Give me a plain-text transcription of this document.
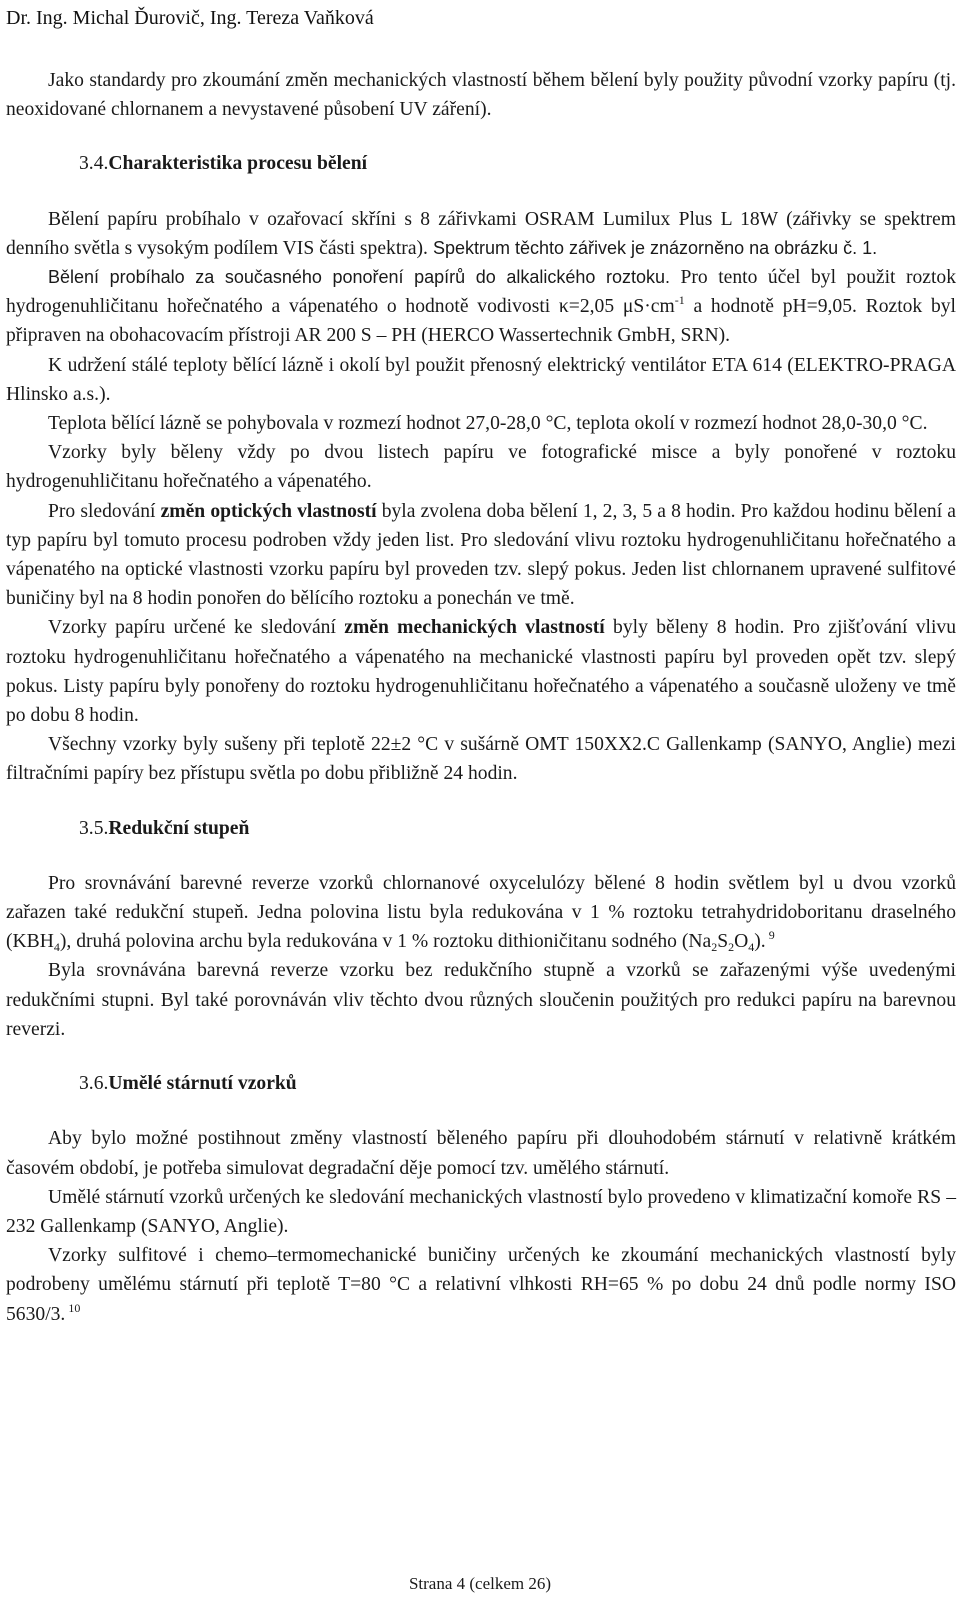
Dr. Ing. Michal Ďurovič, Ing. Tereza Vaňková

Jako standardy pro zkoumání změn mechanických vlastností během bělení byly použity původní vzorky papíru (tj. neoxidované chlornanem a nevystavené působení UV záření).

3.4.Charakteristika procesu bělení

Bělení papíru probíhalo v ozařovací skříni s 8 zářivkami OSRAM Lumilux Plus L 18W (zářivky se spektrem denního světla s vysokým podílem VIS části spektra). Spektrum těchto zářivek je znázorněno na obrázku č. 1.

Bělení probíhalo za současného ponoření papírů do alkalického roztoku. Pro tento účel byl použit roztok hydrogenuhličitanu hořečnatého a vápenatého o hodnotě vodivosti κ=2,05 $\mu S\cdot cm^{-1}$ a hodnotě pH=9,05. Roztok byl připraven na obohacovacím přístroji AR 200 S – PH (HERCO Wassertechnik GmbH, SRN).

K udržení stálé teploty bělící lázně i okolí byl použit přenosný elektrický ventilátor ETA 614 (ELEKTRO-PRAGA Hlinsko a.s.).

Teplota bělící lázně se pohybovala v rozmezí hodnot 27,0-28,0 °C, teplota okolí v rozmezí hodnot 28,0-30,0 °C.

Vzorky byly běleny vždy po dvou listech papíru ve fotografické misce a byly ponořené v roztoku hydrogenuhličitanu hořečnatého a vápenatého.

Pro sledování změn optických vlastností byla zvolena doba bělení 1, 2, 3, 5 a 8 hodin. Pro každou hodinu bělení a typ papíru byl tomuto procesu podroben vždy jeden list. Pro sledování vlivu roztoku hydrogenuhličitanu hořečnatého a vápenatého na optické vlastnosti vzorku papíru byl proveden tzv. slepý pokus. Jeden list chlornanem upravené sulfitové buničiny byl na 8 hodin ponořen do bělícího roztoku a ponechán ve tmě.

Vzorky papíru určené ke sledování změn mechanických vlastností byly běleny 8 hodin. Pro zjišťování vlivu roztoku hydrogenuhličitanu hořečnatého a vápenatého na mechanické vlastnosti papíru byl proveden opět tzv. slepý pokus. Listy papíru byly ponořeny do roztoku hydrogenuhličitanu hořečnatého a vápenatého a současně uloženy ve tmě po dobu 8 hodin.

Všechny vzorky byly sušeny při teplotě 22±2 °C v sušárně OMT 150XX2.C Gallenkamp (SANYO, Anglie) mezi filtračními papíry bez přístupu světla po dobu přibližně 24 hodin.

3.5.Redukční stupeň

Pro srovnávání barevné reverze vzorků chlornanové oxycelulózy bělené 8 hodin světlem byl u dvou vzorků zařazen také redukční stupeň. Jedna polovina listu byla redukována v 1 % roztoku tetrahydridoboritanu draselného $(KBH_4)$, druhá polovina archu byla redukována v 1 % roztoku dithioničitanu sodného $(Na_2S_2O_4)$. $^9$

Byla srovnávána barevná reverze vzorku bez redukčního stupně a vzorků se zařazenými výše uvedenými redukčními stupni. Byl také porovnáván vliv těchto dvou různých sloučenin použitých pro redukci papíru na barevnou reverzi.

3.6.Umělé stárnutí vzorků

Aby bylo možné postihnout změny vlastností běleného papíru při dlouhodobém stárnutí v relativně krátkém časovém období, je potřeba simulovat degradační děje pomocí tzv. umělého stárnutí.

Umělé stárnutí vzorků určených ke sledování mechanických vlastností bylo provedeno v klimatizační komoře RS – 232 Gallenkamp (SANYO, Anglie).

Vzorky sulfitové i chemo–termomechanické buničiny určených ke zkoumání mechanických vlastností byly podrobeny umělému stárnutí při teplotě T=80 °C a relativní vlhkosti RH=65 % po dobu 24 dnů podle normy ISO 5630/3. $^{10}$

Strana 4 (celkem 26)
